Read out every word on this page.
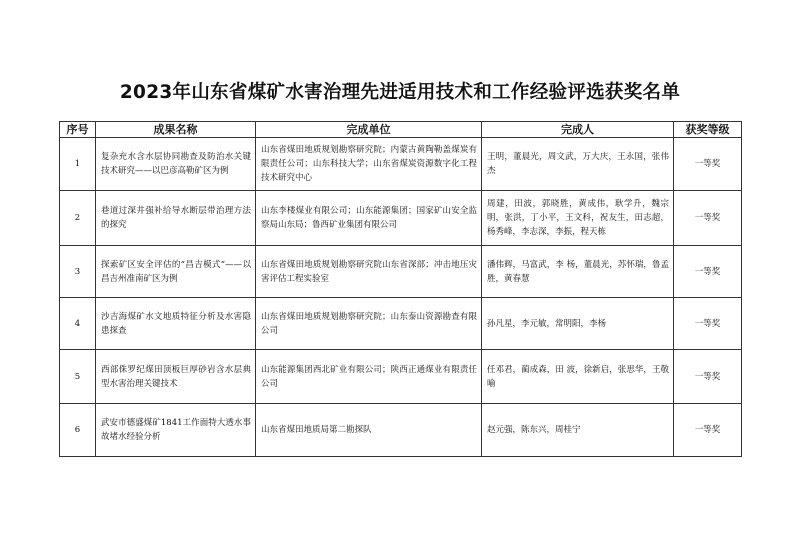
2023年山东省煤矿水害治理先进适用技术和工作经验评选获奖名单
序号	成果名称	完成单位	完成人	获奖等级
1	复杂充水含水层协同勘查及防治水关键技术研究——以巴彦高勒矿区为例	山东省煤田地质规划勘察研究院；内蒙古黄陶勒盖煤炭有限责任公司；山东科技大学；山东省煤炭资源数字化工程技术研究中心	王明，董晨光，周文武，万大庆，王永国，张伟杰	一等奖
2	巷道过深井强补给导水断层带治理方法的探究	山东李楼煤业有限公司；山东能源集团；国家矿山安全监察局山东局；鲁西矿业集团有限公司	周建，田波，郭晓胜，黄成伟，耿学升，魏宗明，张洪，丁小平，王文科，祝友生，田志超，杨秀峰，李志深，李振，程天栋	一等奖
3	探索矿区安全评估的“昌吉模式”——以昌吉州准南矿区为例	山东省煤田地质规划勘察研究院山东省深部；冲击地压灾害评估工程实验室	潘伟辉，马富武，李 杨，董晨光，苏怀瑞，鲁孟胜，黄春慧	一等奖
4	沙吉海煤矿水文地质特征分析及水害隐患探查	山东省煤田地质规划勘察研究院；山东泰山资源勘查有限公司	孙凡星，李元敏，常明阳，李杨	一等奖
5	西部侏罗纪煤田顶板巨厚砂岩含水层典型水害治理关键技术	山东能源集团西北矿业有限公司；陕西正通煤业有限责任公司	任邓君，蔺成森，田 波，徐新启，张思华，王敬喻	一等奖
6	武安市德盛煤矿1841工作面特大透水事故堵水经验分析	山东省煤田地质局第二勘探队	赵元强，陈东兴，周桂宁	一等奖
